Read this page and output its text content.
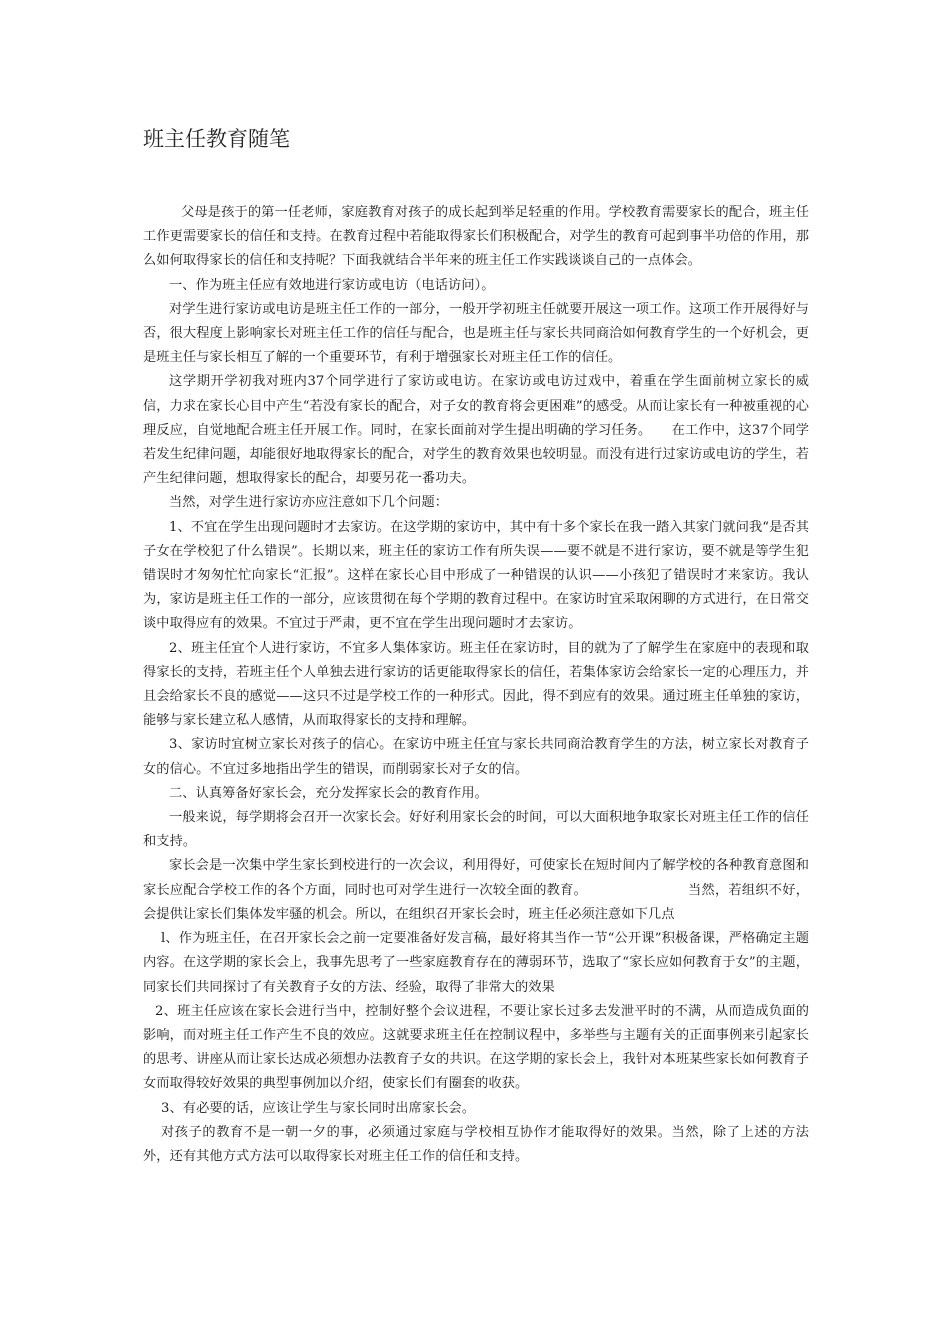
班主任教育随笔

父母是孩于的第一任老师，家庭教育对孩子的成长起到举足轻重的作用。学校教育需要家长的配合，班主任工作更需要家长的信任和支持。在教育过程中若能取得家长们积极配合，对学生的教育可起到事半功倍的作用，那么如何取得家长的信任和支持呢？下面我就结合半年来的班主任工作实践谈谈自己的一点体会。

一、作为班主任应有效地进行家访或电访（电话访问）。

对学生进行家访或电访是班主任工作的一部分，一般开学初班主任就要开展这一项工作。这项工作开展得好与否，很大程度上影响家长对班主任工作的信任与配合，也是班主任与家长共同商洽如何教育学生的一个好机会，更是班主任与家长相互了解的一个重要环节，有利于增强家长对班主任工作的信任。

这学期开学初我对班内37个同学进行了家访或电访。在家访或电访过戏中，着重在学生面前树立家长的威信，力求在家长心目中产生“若没有家长的配合，对子女的教育将会更困难”的感受。从而让家长有一种被重视的心理反应，自觉地配合班主任开展工作。同时，在家长面前对学生提出明确的学习任务。　　在工作中，这37个同学若发生纪律问题，却能很好地取得家长的配合，对学生的教育效果也较明显。而没有进行过家访或电访的学生，若产生纪律问题，想取得家长的配合，却要另花一番功夫。

当然，对学生进行家访亦应注意如下几个问题：

1、不宜在学生出现问题时才去家访。在这学期的家访中，其中有十多个家长在我一踏入其家门就问我“是否其子女在学校犯了什么错误”。长期以来，班主任的家访工作有所失误——要不就是不进行家访，要不就是等学生犯错误时才匆匆忙忙向家长“汇报”。这样在家长心目中形成了一种错误的认识——小孩犯了错误时才来家访。我认为，家访是班主任工作的一部分，应该贯彻在每个学期的教育过程中。在家访时宜采取闲聊的方式进行，在日常交谈中取得应有的效果。不宜过于严肃，更不宜在学生出现问题时才去家访。

2、班主任宜个人进行家访，不宜多人集体家访。班主任在家访时，目的就为了了解学生在家庭中的表现和取得家长的支持，若班主任个人单独去进行家访的话更能取得家长的信任，若集体家访会给家长一定的心理压力，并且会给家长不良的感觉——这只不过是学校工作的一种形式。因此，得不到应有的效果。通过班主任单独的家访，能够与家长建立私人感情，从而取得家长的支持和理解。

3、家访时宜树立家长对孩子的信心。在家访中班主任宜与家长共同商洽教育学生的方法，树立家长对教育子女的信心。不宜过多地指出学生的错误，而削弱家长对子女的信。

二、认真筹备好家长会，充分发挥家长会的教育作用。

一般来说，每学期将会召开一次家长会。好好利用家长会的时间，可以大面积地争取家长对班主任工作的信任和支持。

家长会是一次集中学生家长到校进行的一次会议，利用得好，可使家长在短时间内了解学校的各种教育意图和家长应配合学校工作的各个方面，同时也可对学生进行一次较全面的教育。　　　　　　　　当然，若组织不好，会提供让家长们集体发牢骚的机会。所以，在组织召开家长会时，班主任必须注意如下几点

l、作为班主任，在召开家长会之前一定要准备好发言稿，最好将其当作一节“公开课”积极备课，严格确定主题内容。在这学期的家长会上，我事先思考了一些家庭教育存在的薄弱环节，选取了“家长应如何教育于女”的主题，同家长们共同探讨了有关教育子女的方法、经验，取得了非常大的效果

2、班主任应该在家长会进行当中，控制好整个会议进程，不要让家长过多去发泄平时的不满，从而造成负面的影响，而对班主任工作产生不良的效应。这就要求班主任在控制议程中，多举些与主题有关的正面事例来引起家长的思考、讲座从而让家长达成必须想办法教育子女的共识。在这学期的家长会上，我针对本班某些家长如何教育子女而取得较好效果的典型事例加以介绍，使家长们有圈套的收获。

3、有必要的话，应该让学生与家长同时出席家长会。

对孩子的教育不是一朝一夕的事，必须通过家庭与学校相互协作才能取得好的效果。当然，除了上述的方法外，还有其他方式方法可以取得家长对班主任工作的信任和支持。
